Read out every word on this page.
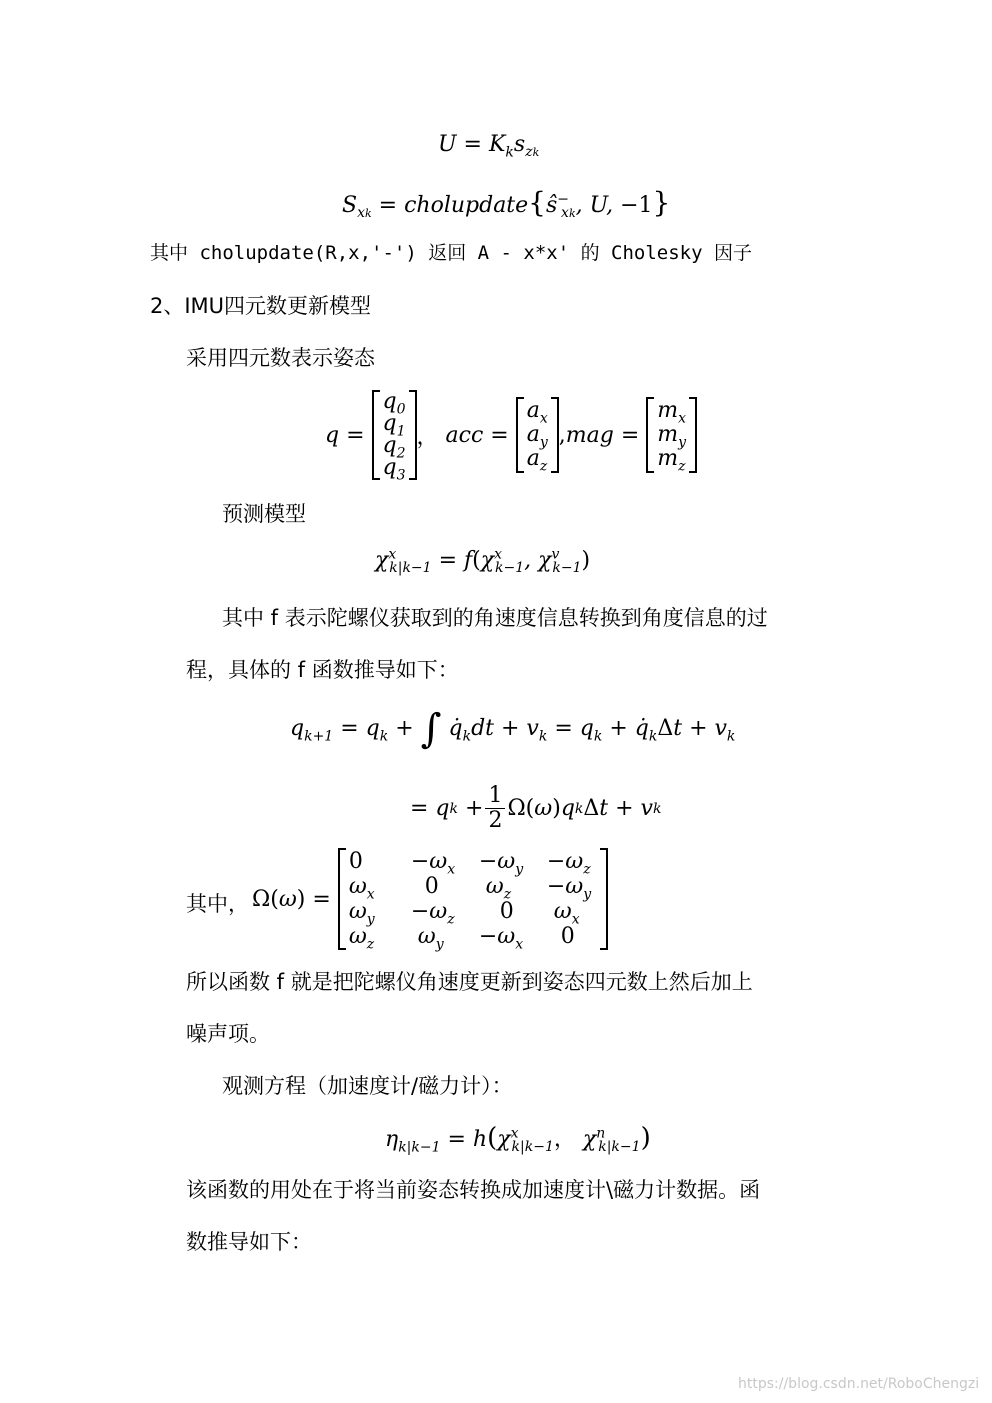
$U = K_ks_{zk}$
$S_{xk}$ = $cholupdate\{ŝ^-_{xk}$, U, −1}
其中 cholupdate(R,x,'-') 返回 A - x*x' 的 Cholesky 因子
2、IMU四元数更新模型
采用四元数表示姿态
q =
$q_0$
$q_1$
$q_2$
$q_3$
， acc =
$a_x$
$a_y$
$a_z$
, mag =
$m_x$
$m_y$
$m_z$
预测模型
$\chi^x_{k|k-1} = f(\chi^x_{k-1}$, $\chi^v_{k-1}$)
其中 f 表示陀螺仪获取到的角速度信息转换到角度信息的过
程，具体的 f 函数推导如下：
$q_{k+1} = q_k$ + ∫ $q̇_kdt + v_k = q_k$ + $q̇_k\Delta t + v_k$
= q k
+ $\frac{1}{2} \Omega$( ω ) q k Δ t + v k
其中， Ω( ω )
=

0	$-\omega_x$	$-\omega_y$	$-\omega_z$
$\omega_x$	0	$\omega_z$	$-\omega_y$
$\omega_y$	$-\omega_z$	0	$\omega_x$
$\omega_z$	$\omega_y$	$-\omega_x$	0
所以函数 f 就是把陀螺仪角速度更新到姿态四元数上然后加上
噪声项。
观测方程（加速度计/磁力计）：
$\eta_{k|k-1}$ = $ℎ(\chi^x_{k|k-1}$， $\chi^n_{k|k-1}$)
该函数的用处在于将当前姿态转换成加速度计\磁力计数据。函
数推导如下：
https://blog.csdn.net/RoboChengzi
